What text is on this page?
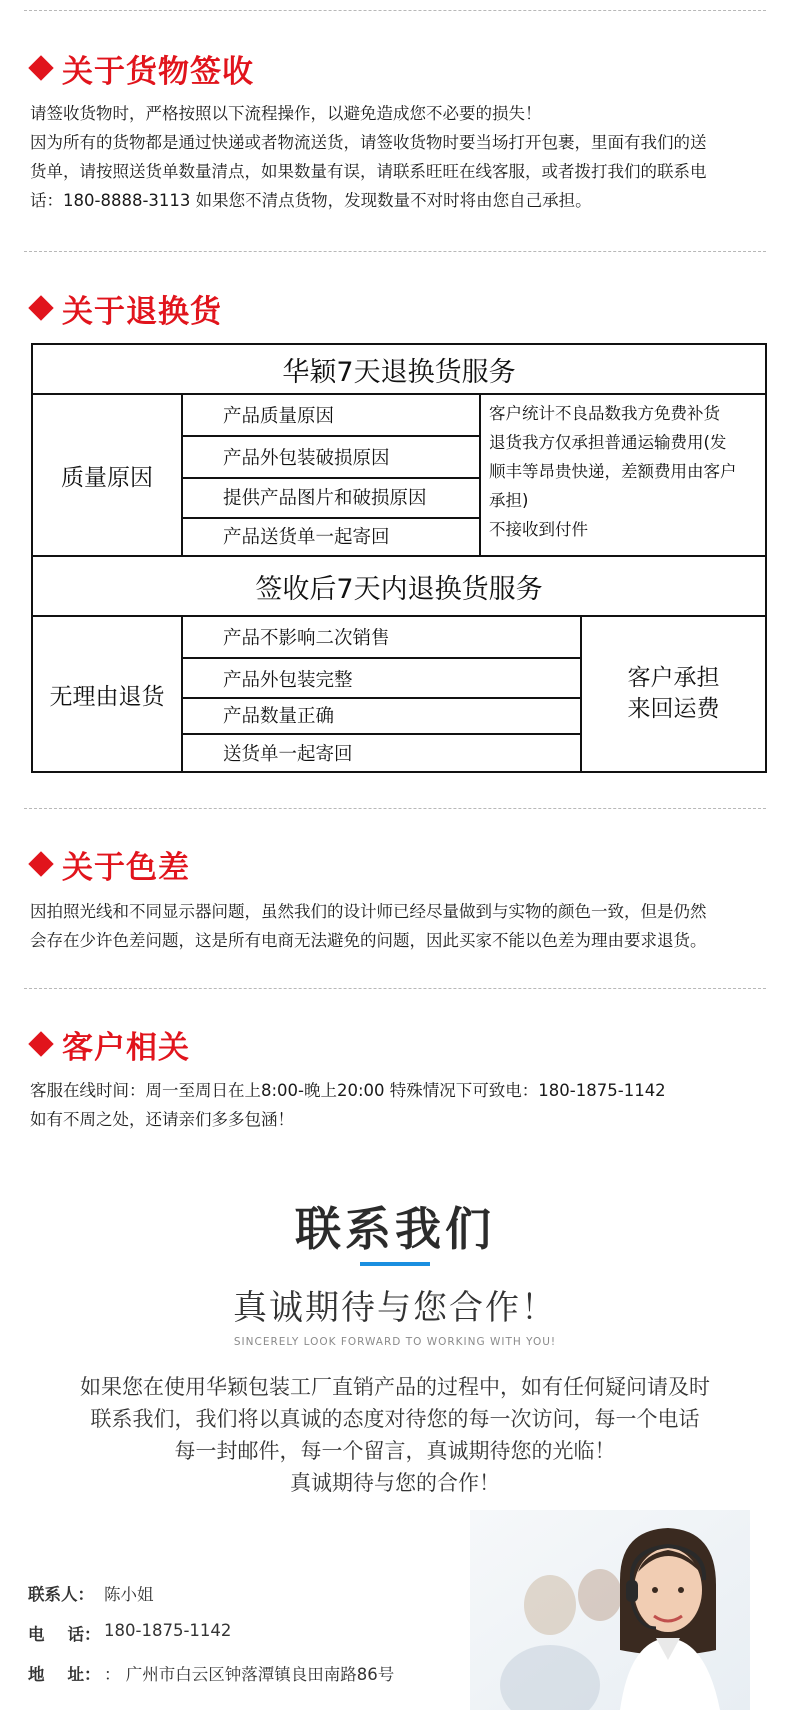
关于货物签收
请签收货物时，严格按照以下流程操作，以避免造成您不必要的损失！
因为所有的货物都是通过快递或者物流送货，请签收货物时要当场打开包裹，里面有我们的送
货单，请按照送货单数量清点，如果数量有误，请联系旺旺在线客服，或者拨打我们的联系电
话：180-8888-3113 如果您不清点货物，发现数量不对时将由您自己承担。
关于退换货
华颖7天退换货服务
质量原因
产品质量原因
产品外包装破损原因
提供产品图片和破损原因
产品送货单一起寄回
客户统计不良品数我方免费补货
退货我方仅承担普通运输费用(发
顺丰等昂贵快递，差额费用由客户
承担)
不接收到付件
签收后7天内退换货服务
无理由退货
产品不影响二次销售
产品外包装完整
产品数量正确
送货单一起寄回
客户承担
来回运费
关于色差
因拍照光线和不同显示器问题，虽然我们的设计师已经尽量做到与实物的颜色一致，但是仍然
会存在少许色差问题，这是所有电商无法避免的问题，因此买家不能以色差为理由要求退货。
客户相关
客服在线时间：周一至周日在上8:00-晚上20:00 特殊情况下可致电：180-1875-1142
如有不周之处，还请亲们多多包涵！
联系我们
真诚期待与您合作！
SINCERELY LOOK FORWARD TO WORKING WITH YOU!
如果您在使用华颖包装工厂直销产品的过程中，如有任何疑问请及时
联系我们，我们将以真诚的态度对待您的每一次访问，每一个电话
每一封邮件，每一个留言，真诚期待您的光临！
真诚期待与您的合作！
联系人： 陈小姐
电    话： 180-1875-1142
地    址： ： 广州市白云区钟落潭镇良田南路86号
